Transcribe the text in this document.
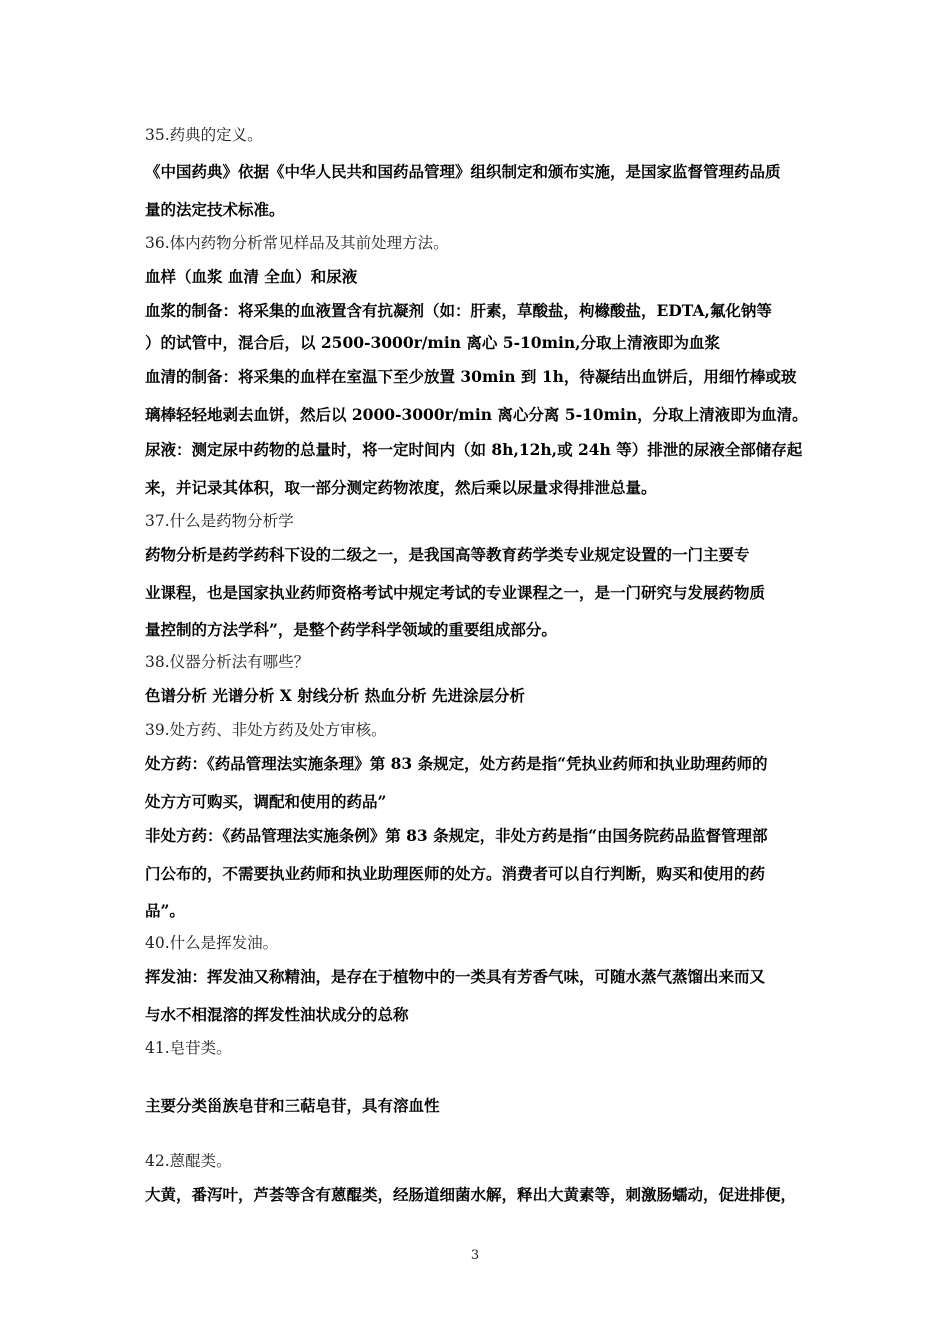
35.药典的定义。
《中国药典》依据《中华人民共和国药品管理》组织制定和颁布实施，是国家监督管理药品质
量的法定技术标准。
36.体内药物分析常见样品及其前处理方法。
血样（血浆 血清 全血）和尿液
血浆的制备：将采集的血液置含有抗凝剂（如：肝素，草酸盐，枸橼酸盐，EDTA,氟化钠等
）的试管中，混合后，以 2500-3000r/min 离心 5-10min,分取上清液即为血浆
血清的制备：将采集的血样在室温下至少放置 30min 到 1h，待凝结出血饼后，用细竹棒或玻
璃棒轻轻地剥去血饼，然后以 2000-3000r/min 离心分离 5-10min，分取上清液即为血清。
尿液：测定尿中药物的总量时，将一定时间内（如 8h,12h,或 24h 等）排泄的尿液全部储存起
来，并记录其体积，取一部分测定药物浓度，然后乘以尿量求得排泄总量。
37.什么是药物分析学
药物分析是药学药科下设的二级之一，是我国高等教育药学类专业规定设置的一门主要专
业课程，也是国家执业药师资格考试中规定考试的专业课程之一，是一门研究与发展药物质
量控制的方法学科”，是整个药学科学领域的重要组成部分。
38.仪器分析法有哪些？
色谱分析 光谱分析 X 射线分析 热血分析 先进涂层分析
39.处方药、非处方药及处方审核。
处方药：《药品管理法实施条理》第 83 条规定，处方药是指“凭执业药师和执业助理药师的
处方方可购买，调配和使用的药品”
非处方药：《药品管理法实施条例》第 83 条规定，非处方药是指“由国务院药品监督管理部
门公布的，不需要执业药师和执业助理医师的处方。消费者可以自行判断，购买和使用的药
品”。
40.什么是挥发油。
挥发油：挥发油又称精油，是存在于植物中的一类具有芳香气味，可随水蒸气蒸馏出来而又
与水不相混溶的挥发性油状成分的总称
41.皂苷类。
主要分类甾族皂苷和三萜皂苷，具有溶血性
42.蒽醌类。
大黄，番泻叶，芦荟等含有蒽醌类，经肠道细菌水解，释出大黄素等，刺激肠蠕动，促进排便，
3
